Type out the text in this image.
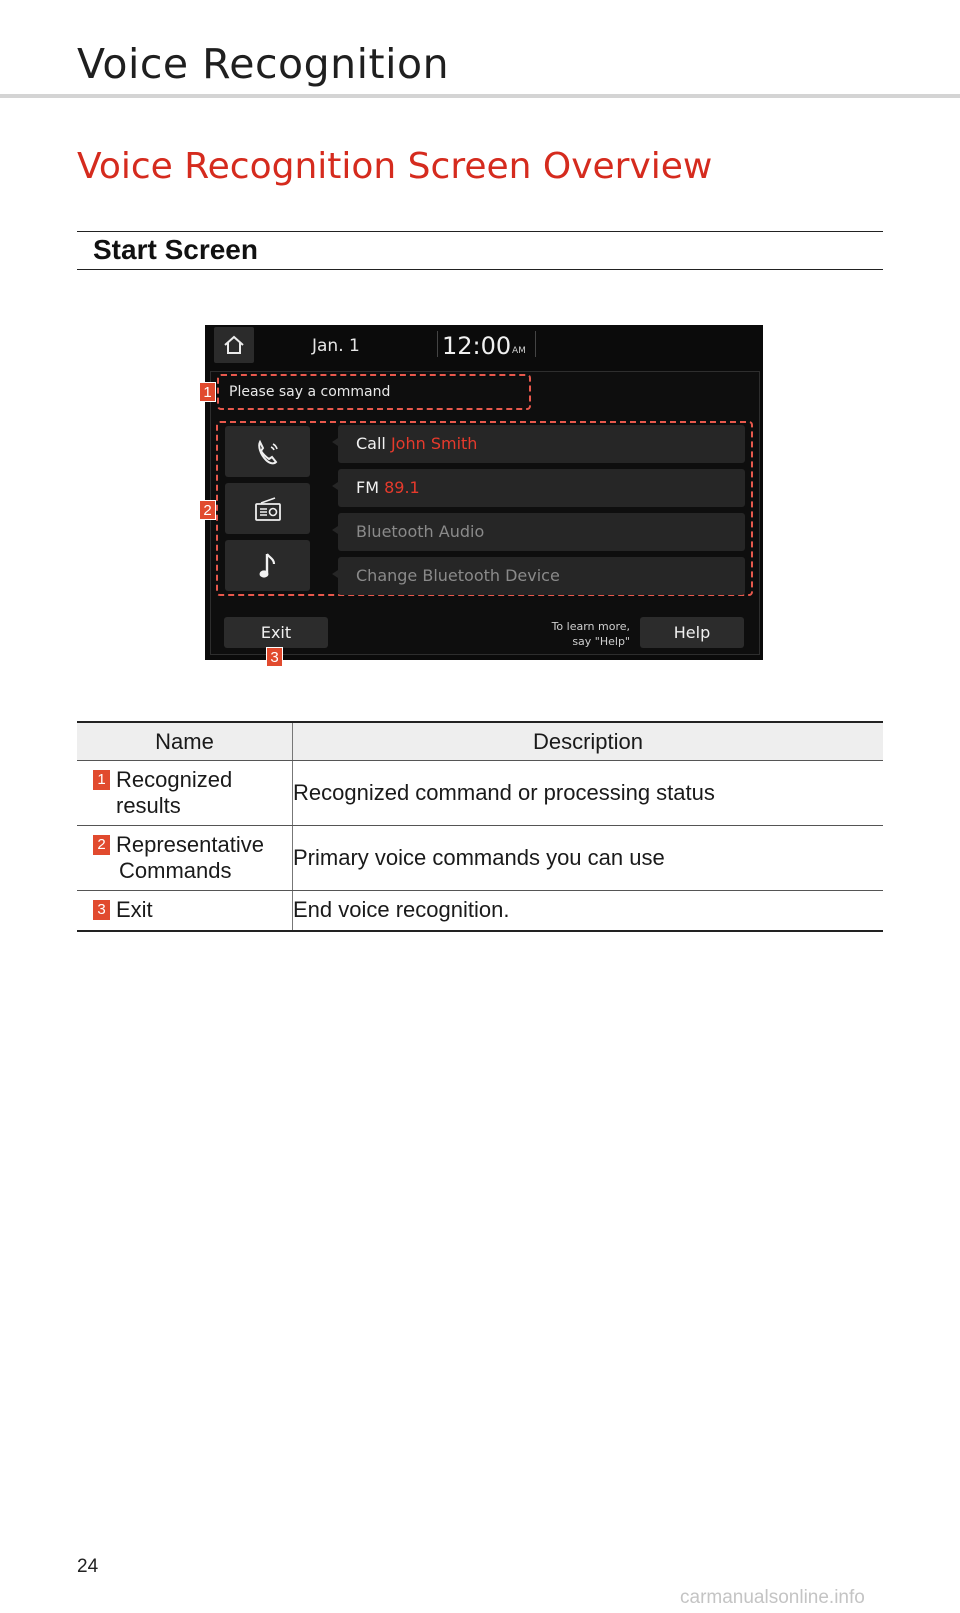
Voice Recognition
Voice Recognition Screen Overview
Start Screen
Jan. 1	12:00 AM
Please say a command
Call John Smith
FM 89.1
Bluetooth Audio
Change Bluetooth Device
Exit	To learn more,
say "Help"	Help
1
2
3
Name	Description

1 Recognized
results	Recognized command or processing status

2 Representative
Commands	Primary voice commands you can use

3 Exit	End voice recognition.

24

carmanualsonline.info
